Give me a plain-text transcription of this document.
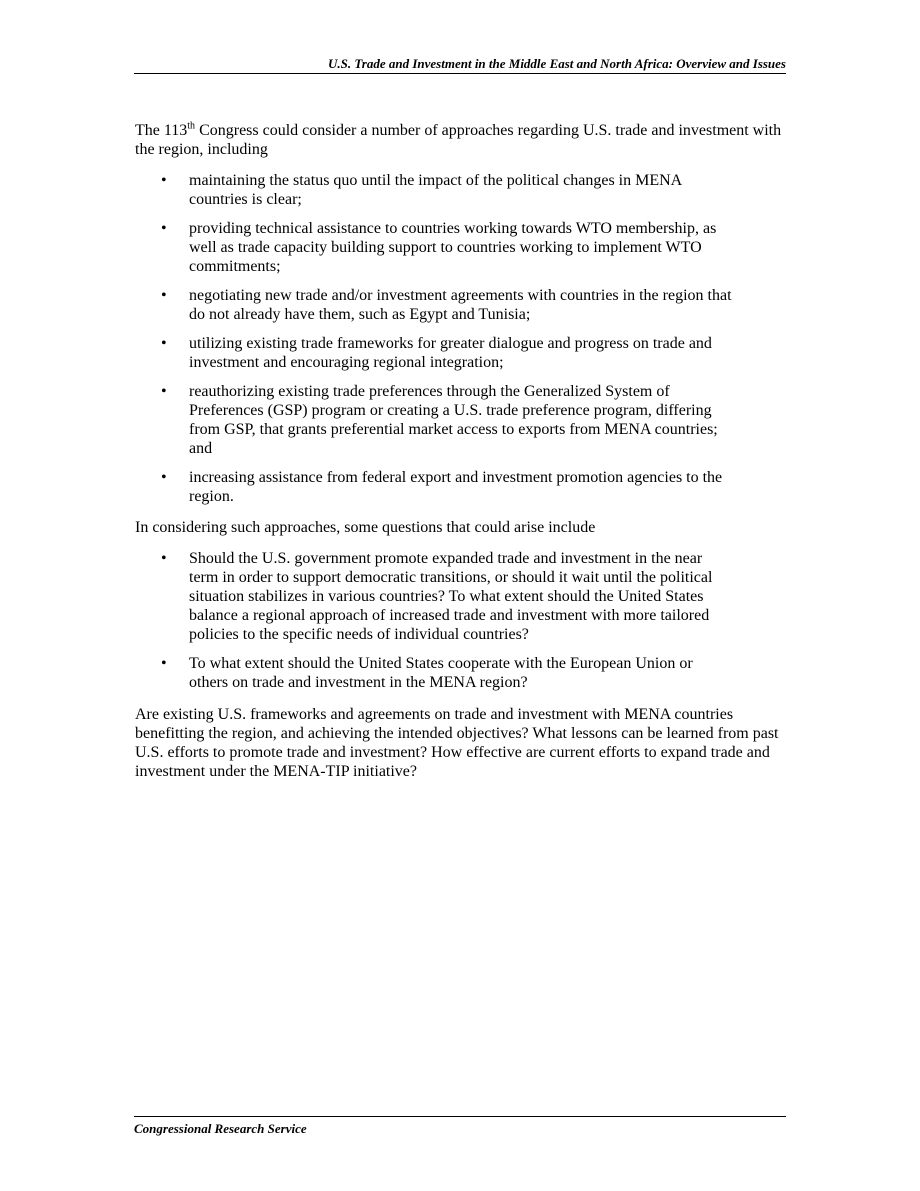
U.S. Trade and Investment in the Middle East and North Africa: Overview and Issues

The 113th Congress could consider a number of approaches regarding U.S. trade and investment with the region, including

• maintaining the status quo until the impact of the political changes in MENA countries is clear;
• providing technical assistance to countries working towards WTO membership, as well as trade capacity building support to countries working to implement WTO commitments;
• negotiating new trade and/or investment agreements with countries in the region that do not already have them, such as Egypt and Tunisia;
• utilizing existing trade frameworks for greater dialogue and progress on trade and investment and encouraging regional integration;
• reauthorizing existing trade preferences through the Generalized System of Preferences (GSP) program or creating a U.S. trade preference program, differing from GSP, that grants preferential market access to exports from MENA countries; and
• increasing assistance from federal export and investment promotion agencies to the region.

In considering such approaches, some questions that could arise include

• Should the U.S. government promote expanded trade and investment in the near term in order to support democratic transitions, or should it wait until the political situation stabilizes in various countries? To what extent should the United States balance a regional approach of increased trade and investment with more tailored policies to the specific needs of individual countries?
• To what extent should the United States cooperate with the European Union or others on trade and investment in the MENA region?

Are existing U.S. frameworks and agreements on trade and investment with MENA countries benefitting the region, and achieving the intended objectives? What lessons can be learned from past U.S. efforts to promote trade and investment? How effective are current efforts to expand trade and investment under the MENA-TIP initiative?

Congressional Research Service
